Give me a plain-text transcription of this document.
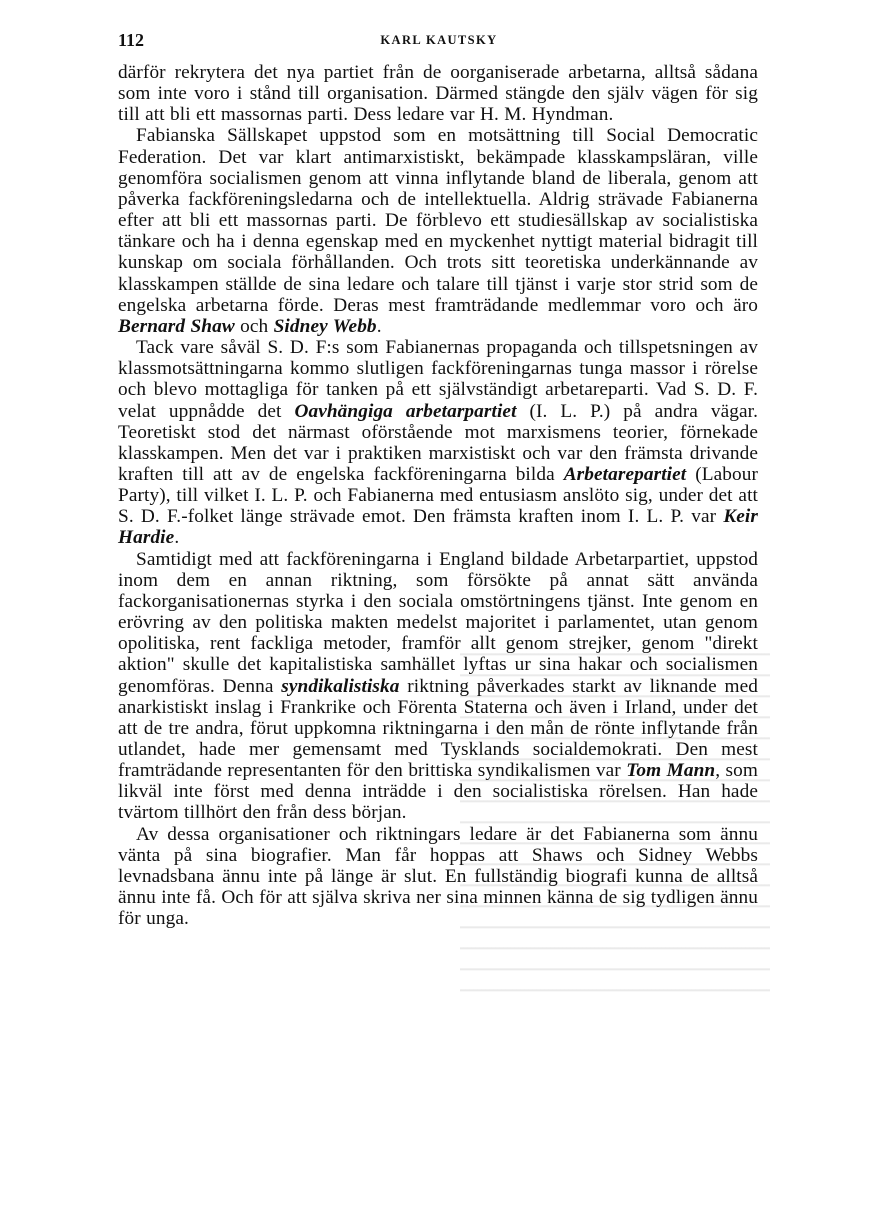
112	KARL KAUTSKY

därför rekrytera det nya partiet från de oorganiserade arbetarna, alltså sådana som inte voro i stånd till organisation. Därmed stängde den själv vägen för sig till att bli ett massornas parti. Dess ledare var H. M. Hyndman.

Fabianska Sällskapet uppstod som en motsättning till Social Democratic Federation. Det var klart antimarxistiskt, bekämpade klasskampsläran, ville genomföra socialismen genom att vinna inflytande bland de liberala, genom att påverka fackföreningsledarna och de intellektuella. Aldrig strävade Fabianerna efter att bli ett massornas parti. De förblevo ett studiesällskap av socialistiska tänkare och ha i denna egenskap med en myckenhet nyttigt material bidragit till kunskap om sociala förhållanden. Och trots sitt teoretiska underkännande av klasskampen ställde de sina ledare och talare till tjänst i varje stor strid som de engelska arbetarna förde. Deras mest framträdande medlemmar voro och äro Bernard Shaw och Sidney Webb.

Tack vare såväl S. D. F:s som Fabianernas propaganda och tillspetsningen av klassmotsättningarna kommo slutligen fackföreningarnas tunga massor i rörelse och blevo mottagliga för tanken på ett självständigt arbetareparti. Vad S. D. F. velat uppnådde det Oavhängiga arbetarpartiet (I. L. P.) på andra vägar. Teoretiskt stod det närmast oförstående mot marxismens teorier, förnekade klasskampen. Men det var i praktiken marxistiskt och var den främsta drivande kraften till att av de engelska fackföreningarna bilda Arbetarepartiet (Labour Party), till vilket I. L. P. och Fabianerna med entusiasm anslöto sig, under det att S. D. F.-folket länge strävade emot. Den främsta kraften inom I. L. P. var Keir Hardie.

Samtidigt med att fackföreningarna i England bildade Arbetarpartiet, uppstod inom dem en annan riktning, som försökte på annat sätt använda fackorganisationernas styrka i den sociala omstörtningens tjänst. Inte genom en erövring av den politiska makten medelst majoritet i parlamentet, utan genom opolitiska, rent fackliga metoder, framför allt genom strejker, genom "direkt aktion" skulle det kapitalistiska samhället lyftas ur sina hakar och socialismen genomföras. Denna syndikalistiska riktning påverkades starkt av liknande med anarkistiskt inslag i Frankrike och Förenta Staterna och även i Irland, under det att de tre andra, förut uppkomna riktningarna i den mån de rönte inflytande från utlandet, hade mer gemensamt med Tysklands socialdemokrati. Den mest framträdande representanten för den brittiska syndikalismen var Tom Mann, som likväl inte först med denna inträdde i den socialistiska rörelsen. Han hade tvärtom tillhört den från dess början.

Av dessa organisationer och riktningars ledare är det Fabianerna som ännu vänta på sina biografier. Man får hoppas att Shaws och Sidney Webbs levnadsbana ännu inte på länge är slut. En fullständig biografi kunna de alltså ännu inte få. Och för att själva skriva ner sina minnen känna de sig tydligen ännu för unga.
